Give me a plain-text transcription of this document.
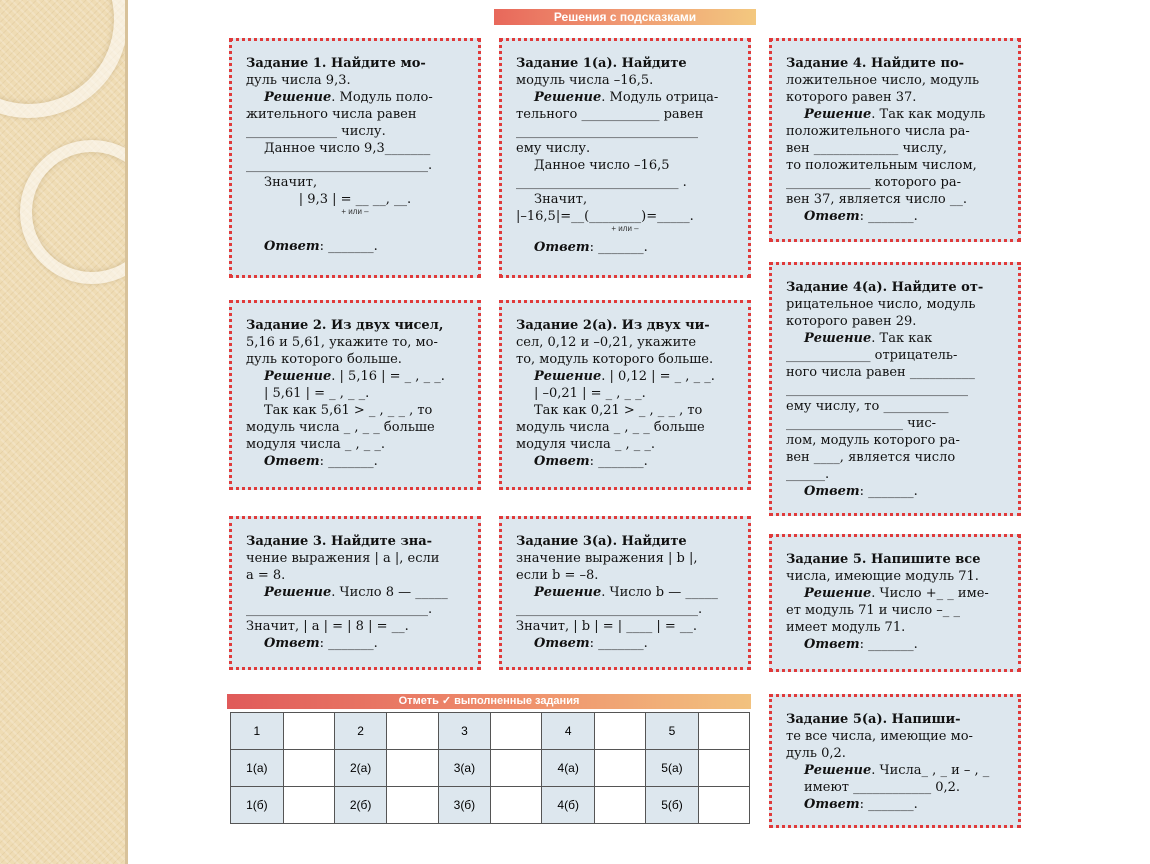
Решения с подсказками

Задание 1. Найдите мо-

дуль числа 9,3.

Решение. Модуль поло-

жительного числа равен

______________ числу.

Данное число 9,3_______

____________________________.

Значит,

| 9,3 | = __ __, __.

+ или –

Ответ: _______.

Задание 1(а). Найдите

модуль числа –16,5.

Решение. Модуль отрица-

тельного ____________ равен

____________________________

ему числу.

Данное число –16,5

_________________________ .

Значит,

|–16,5|=__(________)=_____.

+ или –

Ответ: _______.

Задание 4. Найдите по-

ложительное число, модуль

которого равен 37.

Решение. Так как модуль

положительного числа ра-

вен _____________ числу,

то положительным числом,

_____________ которого ра-

вен 37, является число __.

Ответ: _______.

Задание 2. Из двух чисел,

5,16 и 5,61, укажите то, мо-

дуль которого больше.

Решение. | 5,16 | = _ , _ _.

| 5,61 | = _ , _ _.

Так как 5,61 > _ , _ _ , то

модуль числа _ , _ _ больше

модуля числа _ , _ _.

Ответ: _______.

Задание 2(а). Из двух чи-

сел, 0,12 и –0,21, укажите

то, модуль которого больше.

Решение. | 0,12 | = _ , _ _.

| –0,21 | = _ , _ _.

Так как 0,21 > _ , _ _ , то

модуль числа _ , _ _ больше

модуля числа _ , _ _.

Ответ: _______.

Задание 4(а). Найдите от-

рицательное число, модуль

которого равен 29.

Решение. Так как

_____________ отрицатель-

ного числа равен __________

____________________________

ему числу, то __________

__________________ чис-

лом, модуль которого ра-

вен ____, является число

______.

Ответ: _______.

Задание 3. Найдите зна-

чение выражения | a |, если

a = 8.

Решение. Число 8 — _____

____________________________.

Значит, | a | = | 8 | = __.

Ответ: _______.

Задание 3(а). Найдите

значение выражения | b |,

если b = –8.

Решение. Число b — _____

____________________________.

Значит, | b | = | ____ | = __.

Ответ: _______.

Задание 5. Напишите все

числа, имеющие модуль 71.

Решение. Число +_ _ име-

ет модуль 71 и число –_ _

имеет модуль 71.

Ответ: _______.

Задание 5(а). Напиши-

те все числа, имеющие мо-

дуль 0,2.

Решение. Числа_ , _ и – , _

имеют ____________ 0,2.

Ответ: _______.

Отметь ✓ выполненные задания
1		2		3		4		5	
1(а)		2(а)		3(а)		4(а)		5(а)	
1(б)		2(б)		3(б)		4(б)		5(б)	
